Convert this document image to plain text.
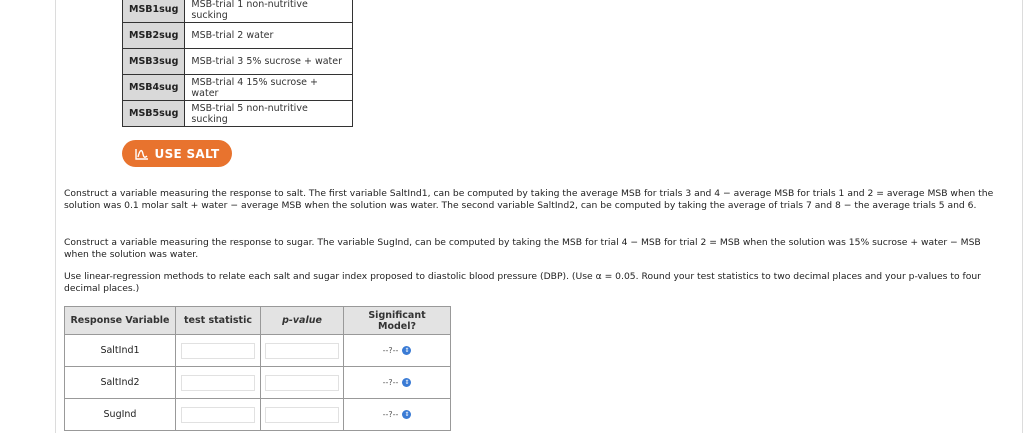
MSB1sug	MSB-trial 1 non-nutritive sucking
MSB2sug	MSB-trial 2 water
MSB3sug	MSB-trial 3 5% sucrose + water
MSB4sug	MSB-trial 4 15% sucrose + water
MSB5sug	MSB-trial 5 non-nutritive sucking
USE SALT

Construct a variable measuring the response to salt. The first variable SaltInd1, can be computed by taking the average MSB for trials 3 and 4 − average MSB for trials 1 and 2 = average MSB when the solution was 0.1 molar salt + water − average MSB when the solution was water. The second variable SaltInd2, can be computed by taking the average of trials 7 and 8 − the average trials 5 and 6.

Construct a variable measuring the response to sugar. The variable SugInd, can be computed by taking the MSB for trial 4 − MSB for trial 2 = MSB when the solution was 15% sucrose + water − MSB when the solution was water.

Use linear-regression methods to relate each salt and sugar index proposed to diastolic blood pressure (DBP). (Use α = 0.05. Round your test statistics to two decimal places and your p-values to four decimal places.)

Response Variable	test statistic	p-value	Significant Model?
SaltInd1			--?-- ⇕

SaltInd2			--?-- ⇕

SugInd			--?-- ⇕
